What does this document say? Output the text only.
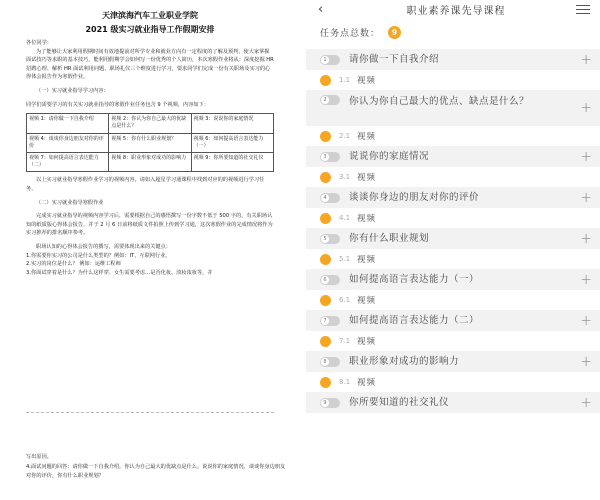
天津滨海汽车工业职业学院
2021 级实习就业指导工作假期安排

各位同学：

为了能够让大家利用假期时间有效地提前对所学专业和就业方向有一定程度的了解及预判，使大家掌握面试技巧等求职的基本技巧，能利用假期学会如何写一份优秀的个人简历，本次寒假作业将从：深度挖掘 HR 招聘心理、解析 HR 面试利用问题、职场礼仪三个维度进行学习，要求同学们完成一份有关职场及实习的心得体会报告作为寒假作业。

（一）实习就业指导学习内容：

同学们需要学习的有关实习就业指导的寒假作业任务包含 9 个视频，内容如下：

视频 1：请你做一下自我介绍	视频 2：你认为你自己最大的优缺点是什么？	视频 3：说说你的家庭情况
视频 4：谈谈你身边朋友对你的评价	视频 5：你有什么职业规划？	视频 6：如何提高语言表达能力（一）
视频 7：如何提高语言表达能力（二）	视频 8：职业形象对成功的影响力	视频 9：你所要知道的社交礼仪

以上实习就业指导寒假作业学习的视频内容，请如入超星学习通课程中找到对应的的视频进行学习任务。

（二）实习就业指导寒假作业

完成实习就业指导的视频内容学习后，需要根据自己的感悟撰写一份字数不低于 500 字的，有关职场认知的纸质版心得体会报告，并于 2 月 6 日前将纸质文件拍照上传到学习通，这次寒假作业的完成情况将作为实习推荐的排名顺序参考。

职场认知的心得体会报告的撰写，需要体现出来的关键点：

1.你需要你实习的公司是什么类型的？例如：IT、互联网行业。

2.实习的岗位是什么？ 例如：运维工程师

3.你面试穿着是什么？为什么这样穿、女生需要考虑…是否化妆、淡妆浓妆等，并

写出原因。

4.面试问题的回答：请你做一下自我介绍。你认为自己最大的优缺点是什么。说说你的家庭情况，谈谈你身边朋友对你的评价，你有什么职业规划？

‹	职业素养课先导课程
任务点总数：	9
1 请你做一下自我介绍	+
1.1 视频
2 你认为你自己最大的优点、缺点是什么？	+
2.1 视频
3 说说你的家庭情况	+
3.1 视频
4 谈谈你身边的朋友对你的评价	+
4.1 视频
5 你有什么职业规划	+
5.1 视频
6 如何提高语言表达能力（一）	+
6.1 视频
7 如何提高语言表达能力（二）	+
7.1 视频
8 职业形象对成功的影响力	+
8.1 视频
9 你所要知道的社交礼仪	+
